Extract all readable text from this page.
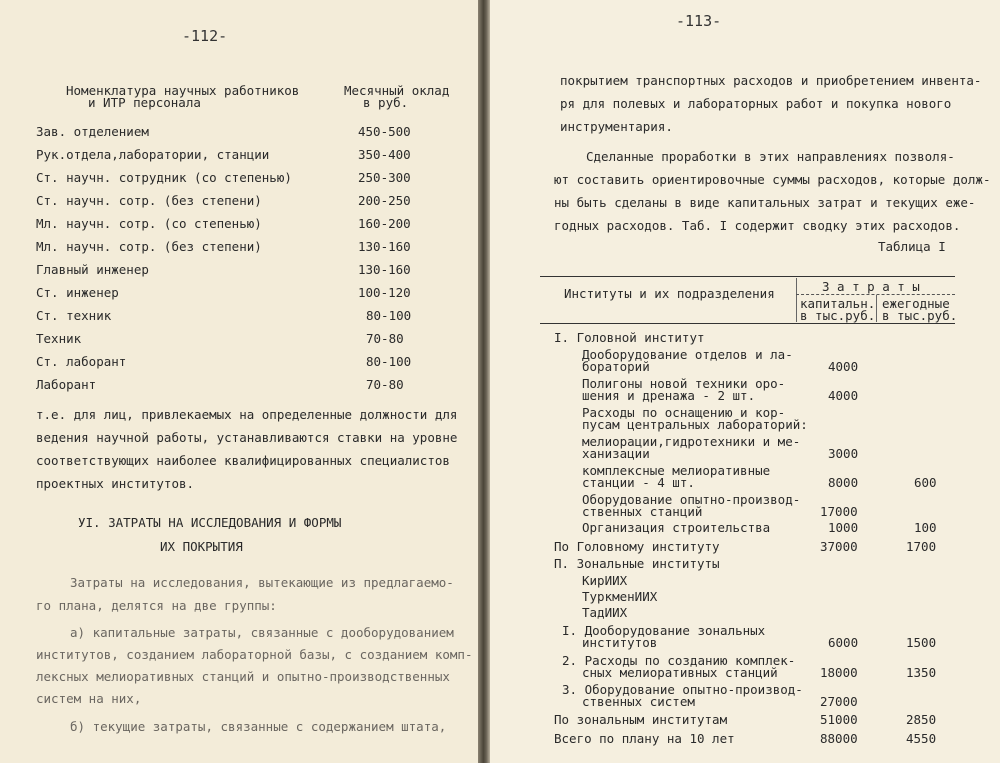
-112-
Номенклатура научных работников
и ИТР персонала
Месячный оклад
в руб.
Зав. отделением	450-500
Рук.отдела,лаборатории, станции	350-400
Ст. научн. сотрудник (со степенью)	250-300
Ст. научн. сотр. (без степени)	200-250
Мл. научн. сотр. (со степенью)	160-200
Мл. научн. сотр. (без степени)	130-160
Главный инженер	130-160
Ст. инженер	100-120
Ст. техник	80-100
Техник	70-80
Ст. лаборант	80-100
Лаборант	70-80
т.е. для лиц, привлекаемых на определенные должности для
ведения научной работы, устанавливаются ставки на уровне
соответствующих наиболее квалифицированных специалистов
проектных институтов.
УI. ЗАТРАТЫ НА ИССЛЕДОВАНИЯ И ФОРМЫ
ИХ ПОКРЫТИЯ
Затраты на исследования, вытекающие из предлагаемо-
го плана, делятся на две группы:
а) капитальные затраты, связанные с дооборудованием
институтов, созданием лабораторной базы, с созданием комп-
лексных мелиоративных станций и опытно-производственных
систем на них,
б) текущие затраты, связанные с содержанием штата,
-113-
покрытием транспортных расходов и приобретением инвента-
ря для полевых и лабораторных работ и покупка нового
инструментария.
Сделанные проработки в этих направлениях позволя-
ют составить ориентировочные суммы расходов, которые долж-
ны быть сделаны в виде капитальных затрат и текущих еже-
годных расходов. Таб. I содержит сводку этих расходов.
Таблица I
Институты и их подразделения	З а т р а т ы
капитальн.
в тыс.руб.
ежегодные
в тыс.руб.
I. Головной институт
Дооборудование отделов и ла-
бораторий	4000
Полигоны новой техники оро-
шения и дренажа - 2 шт.	4000
Расходы по оснащению и кор-
пусам центральных лабораторий:
мелиорации,гидротехники и ме-
ханизации	3000
комплексные мелиоративные
станции - 4 шт.	8000	600
Оборудование опытно-производ-
ственных станций	17000
Организация строительства	1000	100
По Головному институту	37000	1700
П. Зональные институты
КирИИХ
ТуркменИИХ
ТадИИХ
I. Дооборудование зональных
институтов	6000	1500
2. Расходы по созданию комплек-
сных мелиоративных станций	18000	1350
3. Оборудование опытно-производ-
ственных систем	27000
По зональным институтам	51000	2850
Всего по плану на 10 лет	88000	4550
